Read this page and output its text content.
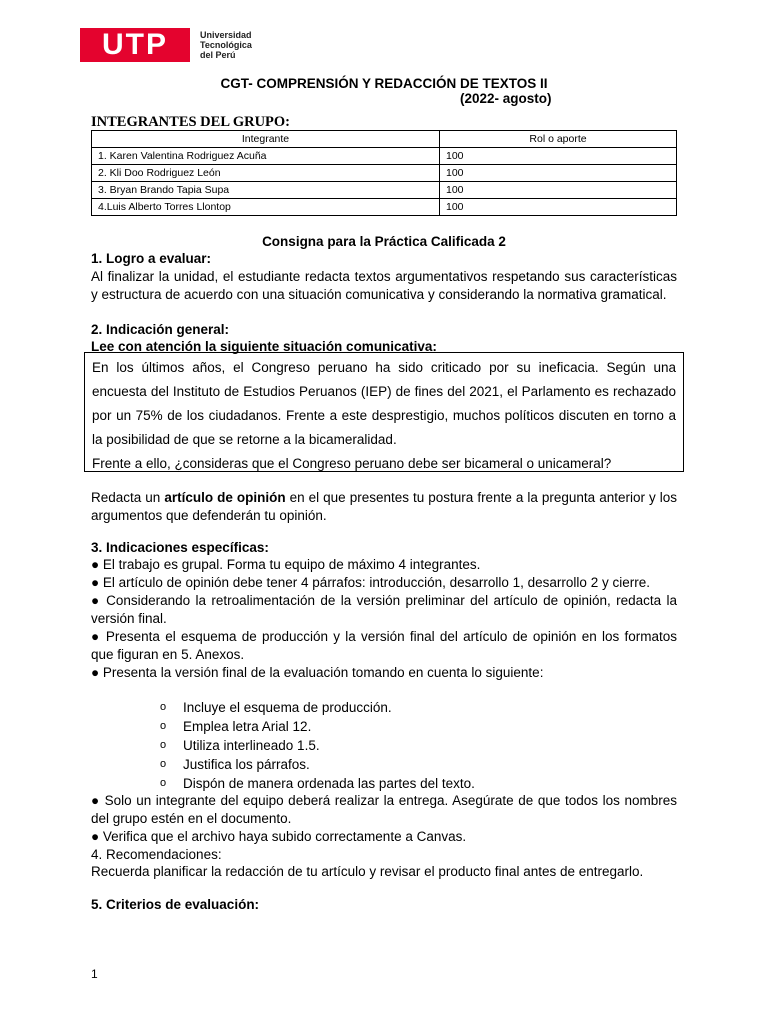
UTP	Universidad
Tecnológica
del Perú
CGT- COMPRENSIÓN Y REDACCIÓN DE TEXTOS II
(2022- agosto)
INTEGRANTES DEL GRUPO:
Integrante	Rol o aporte
1. Karen Valentina Rodriguez Acuña	100
2. Kli Doo Rodriguez León	100
3. Bryan Brando Tapia Supa	100
4.Luis Alberto Torres Llontop	100
Consigna para la Práctica Calificada 2
1. Logro a evaluar:
Al finalizar la unidad, el estudiante redacta textos argumentativos respetando sus características y estructura de acuerdo con una situación comunicativa y considerando la normativa gramatical.
2. Indicación general:
Lee con atención la siguiente situación comunicativa:
En los últimos años, el Congreso peruano ha sido criticado por su ineficacia. Según una encuesta del Instituto de Estudios Peruanos (IEP) de fines del 2021, el Parlamento es rechazado por un 75% de los ciudadanos. Frente a este desprestigio, muchos políticos discuten en torno a la posibilidad de que se retorne a la bicameralidad.
Frente a ello, ¿consideras que el Congreso peruano debe ser bicameral o unicameral?
Redacta un artículo de opinión en el que presentes tu postura frente a la pregunta anterior y los argumentos que defenderán tu opinión.
3. Indicaciones específicas:

● El trabajo es grupal. Forma tu equipo de máximo 4 integrantes.

● El artículo de opinión debe tener 4 párrafos: introducción, desarrollo 1, desarrollo 2 y cierre.

● Considerando la retroalimentación de la versión preliminar del artículo de opinión, redacta la versión final.

● Presenta el esquema de producción y la versión final del artículo de opinión en los formatos que figuran en 5. Anexos.

● Presenta la versión final de la evaluación tomando en cuenta lo siguiente:

o	Incluye el esquema de producción.
o	Emplea letra Arial 12.
o	Utiliza interlineado 1.5.
o	Justifica los párrafos.
o	Dispón de manera ordenada las partes del texto.

● Solo un integrante del equipo deberá realizar la entrega. Asegúrate de que todos los nombres del grupo estén en el documento.

● Verifica que el archivo haya subido correctamente a Canvas.

4. Recomendaciones:
Recuerda planificar la redacción de tu artículo y revisar el producto final antes de entregarlo.
5. Criterios de evaluación:
1
